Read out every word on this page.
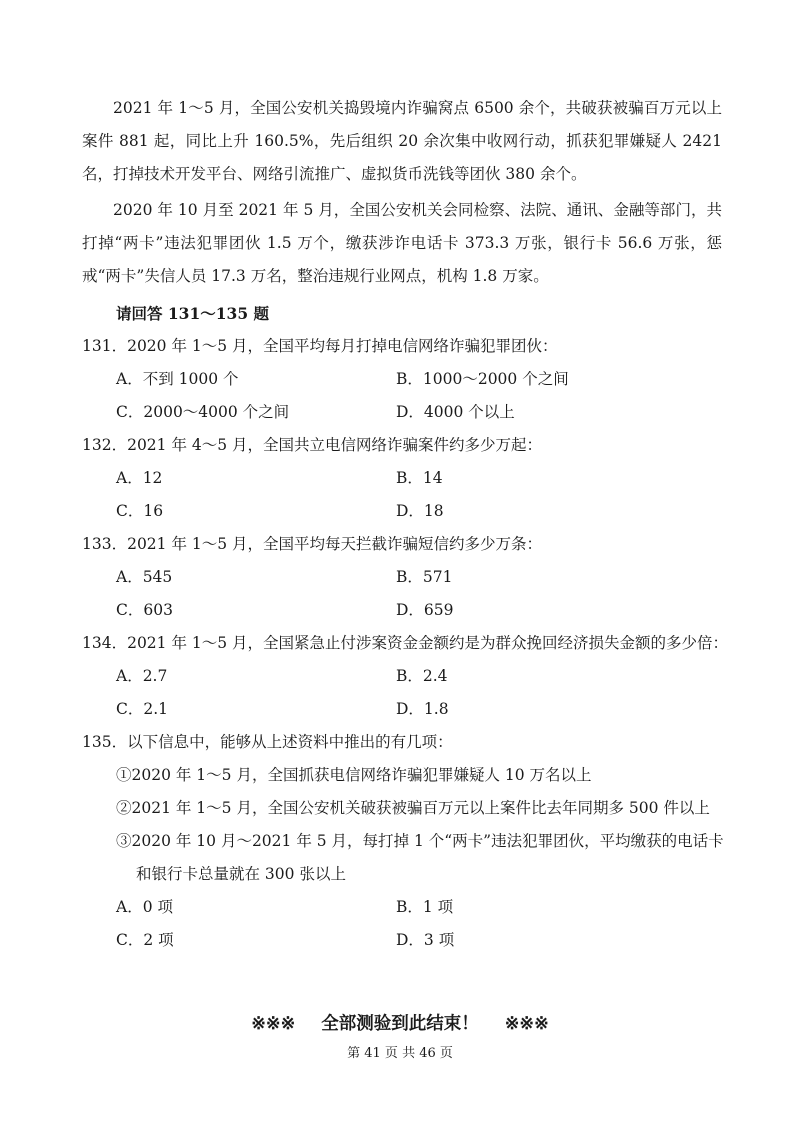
2021 年 1～5 月，全国公安机关捣毁境内诈骗窝点 6500 余个，共破获被骗百万元以上案件 881 起，同比上升 160.5%，先后组织 20 余次集中收网行动，抓获犯罪嫌疑人 2421 名，打掉技术开发平台、网络引流推广、虚拟货币洗钱等团伙 380 余个。

2020 年 10 月至 2021 年 5 月，全国公安机关会同检察、法院、通讯、金融等部门，共打掉“两卡”违法犯罪团伙 1.5 万个，缴获涉诈电话卡 373.3 万张，银行卡 56.6 万张，惩戒“两卡”失信人员 17.3 万名，整治违规行业网点，机构 1.8 万家。

请回答 131～135 题

131．2020 年 1～5 月，全国平均每月打掉电信网络诈骗犯罪团伙：
A．不到 1000 个	B．1000～2000 个之间
C．2000～4000 个之间	D．4000 个以上
132．2021 年 4～5 月，全国共立电信网络诈骗案件约多少万起：
A．12	B．14
C．16	D．18
133．2021 年 1～5 月，全国平均每天拦截诈骗短信约多少万条：
A．545	B．571
C．603	D．659
134．2021 年 1～5 月，全国紧急止付涉案资金金额约是为群众挽回经济损失金额的多少倍：
A．2.7	B．2.4
C．2.1	D．1.8
135．以下信息中，能够从上述资料中推出的有几项：
①2020 年 1～5 月，全国抓获电信网络诈骗犯罪嫌疑人 10 万名以上
②2021 年 1～5 月，全国公安机关破获被骗百万元以上案件比去年同期多 500 件以上
③2020 年 10 月～2021 年 5 月，每打掉 1 个“两卡”违法犯罪团伙，平均缴获的电话卡和银行卡总量就在 300 张以上
A．0 项	B．1 项
C．2 项	D．3 项
※※※ 全部测验到此结束！ ※※※
第 41 页 共 46 页
